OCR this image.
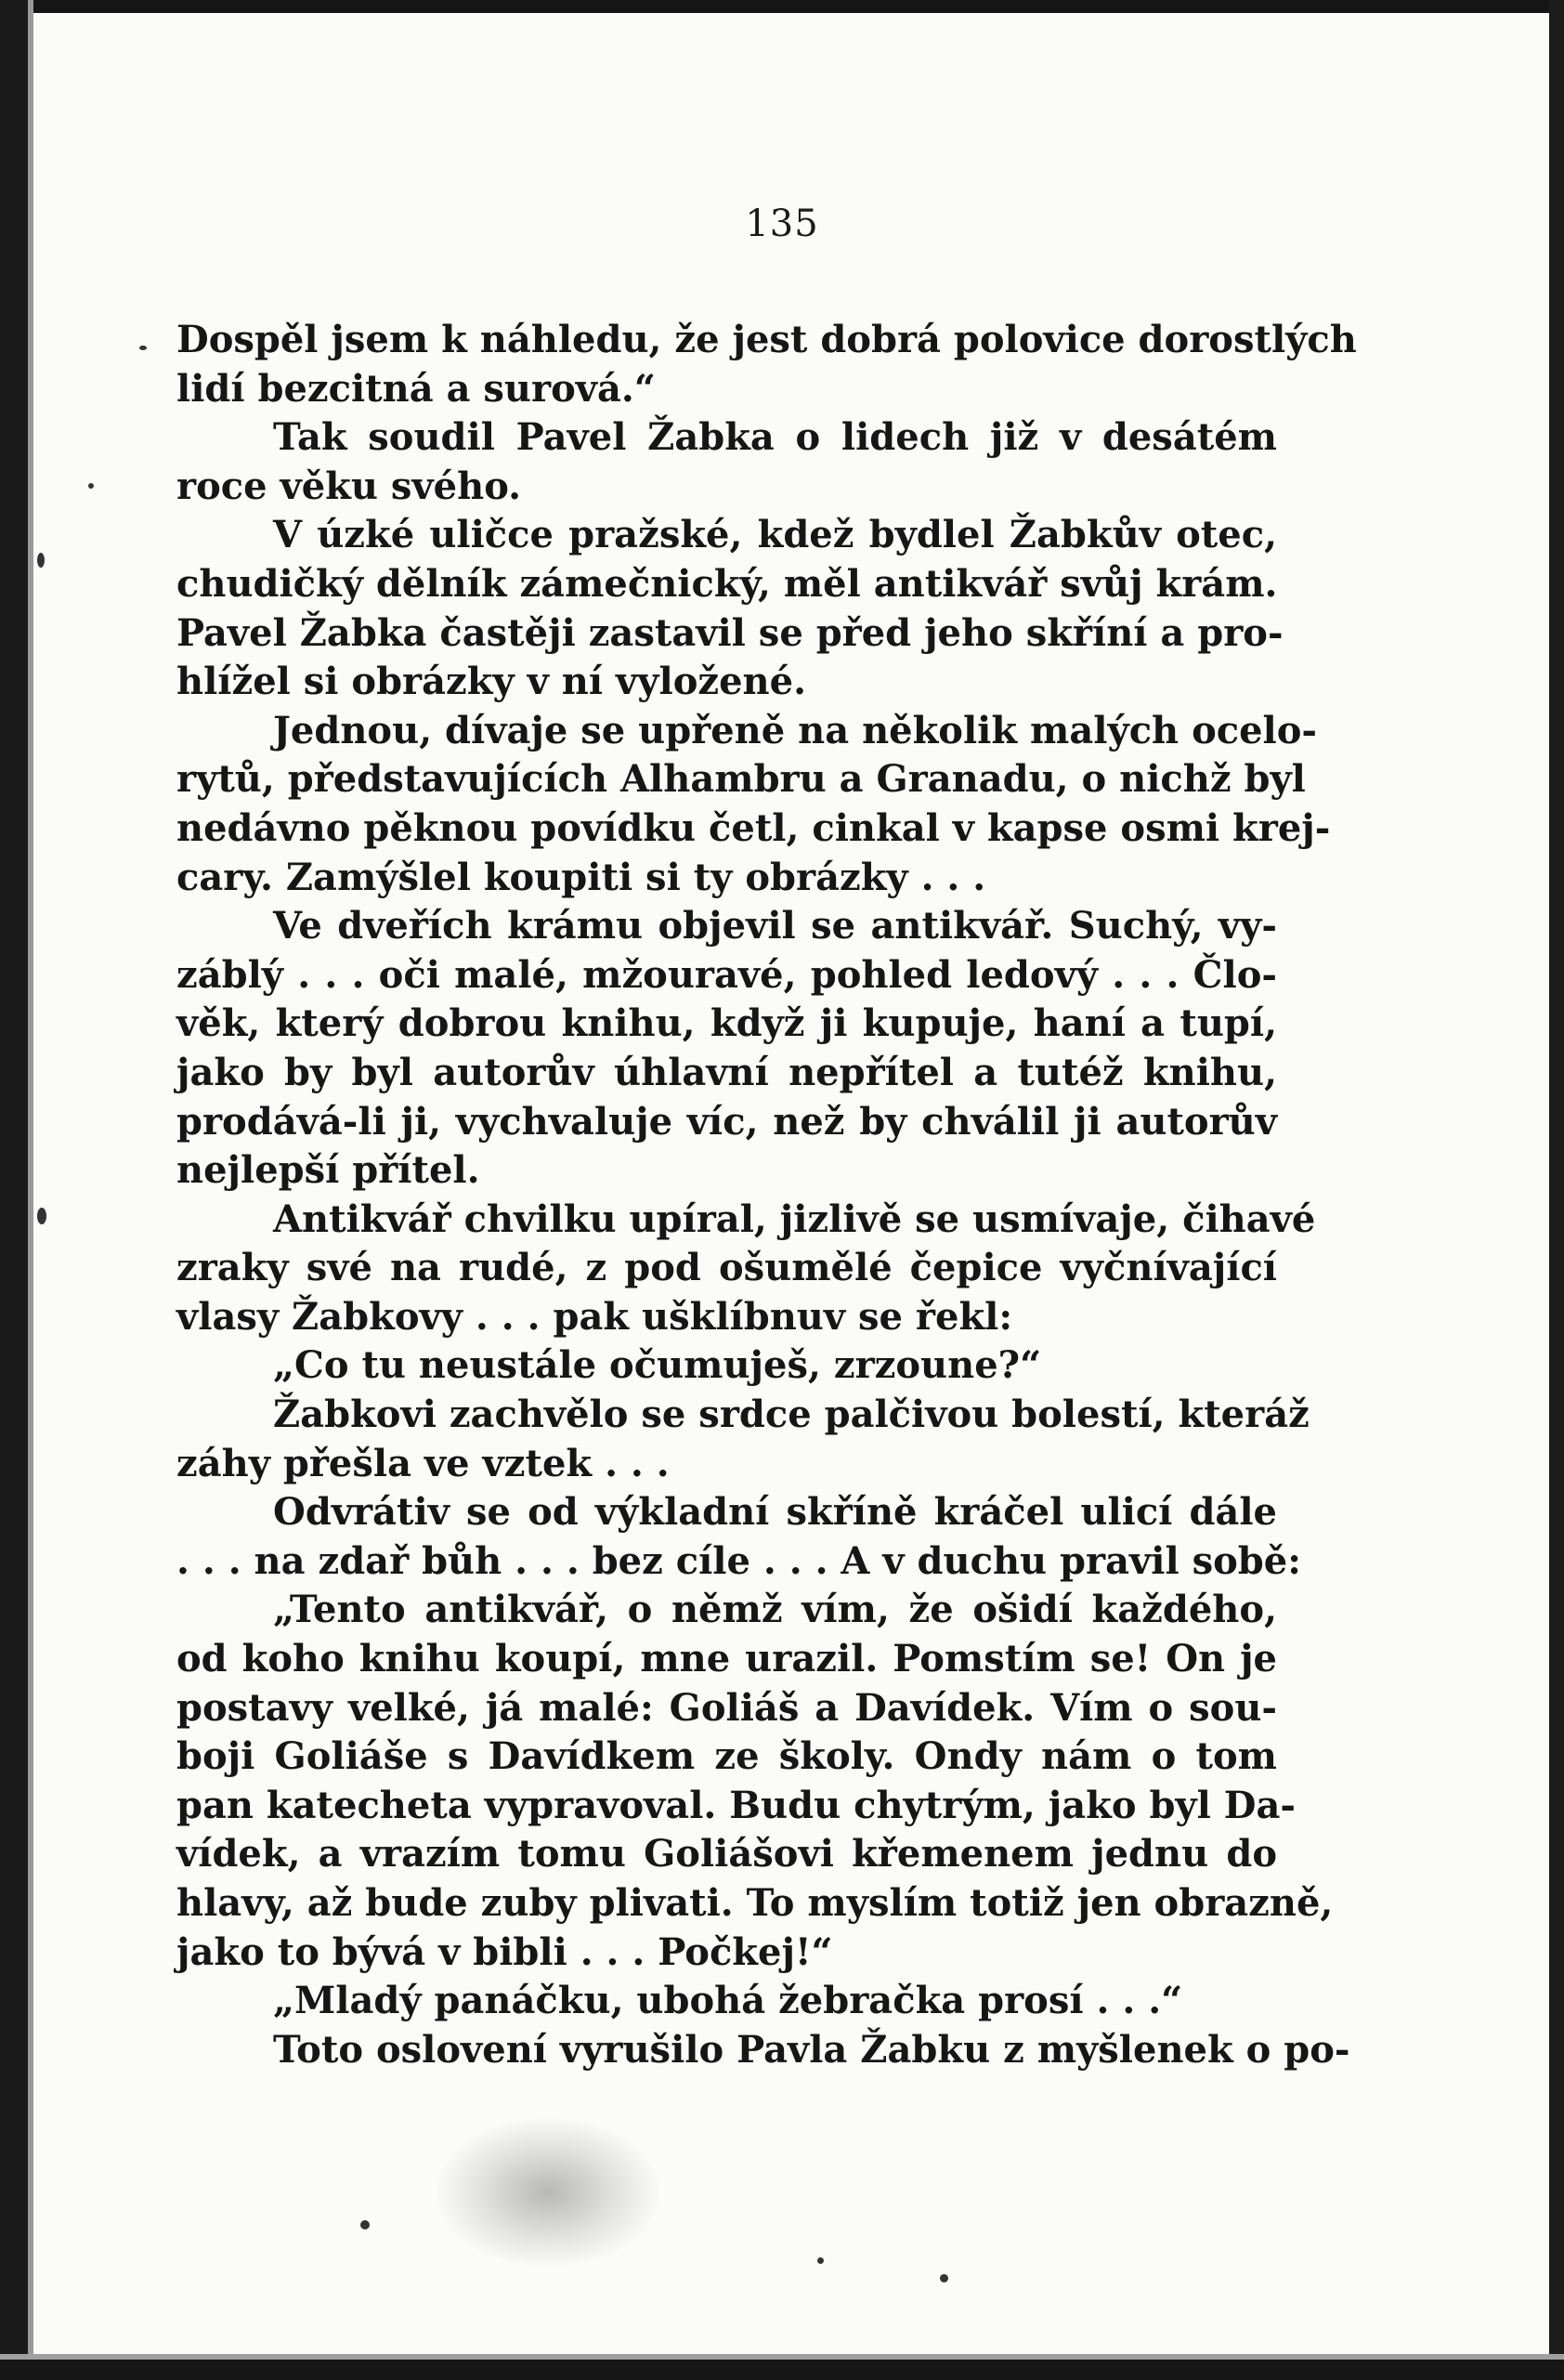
135
Dospěl jsem k náhledu, že jest dobrá polovice dorostlých
lidí bezcitná a surová.“
Tak soudil Pavel Žabka o lidech již v desátém
roce věku svého.
V úzké uličce pražské, kdež bydlel Žabkův otec,
chudičký dělník zámečnický, měl antikvář svůj krám.
Pavel Žabka častěji zastavil se před jeho skříní a pro-
hlížel si obrázky v ní vyložené.
Jednou, dívaje se upřeně na několik malých ocelo-
rytů, představujících Alhambru a Granadu, o nichž byl
nedávno pěknou povídku četl, cinkal v kapse osmi krej-
cary. Zamýšlel koupiti si ty obrázky . . .
Ve dveřích krámu objevil se antikvář. Suchý, vy-
záblý . . . oči malé, mžouravé, pohled ledový . . . Člo-
věk, který dobrou knihu, když ji kupuje, haní a tupí,
jako by byl autorův úhlavní nepřítel a tutéž knihu,
prodává-li ji, vychvaluje víc, než by chválil ji autorův
nejlepší přítel.
Antikvář chvilku upíral, jizlivě se usmívaje, čihavé
zraky své na rudé, z pod ošumělé čepice vyčnívající
vlasy Žabkovy . . . pak ušklíbnuv se řekl:
„Co tu neustále očumuješ, zrzoune?“
Žabkovi zachvělo se srdce palčivou bolestí, kteráž
záhy přešla ve vztek . . .
Odvrátiv se od výkladní skříně kráčel ulicí dále
. . . na zdař bůh . . . bez cíle . . . A v duchu pravil sobě:
„Tento antikvář, o němž vím, že ošidí každého,
od koho knihu koupí, mne urazil. Pomstím se! On je
postavy velké, já malé: Goliáš a Davídek. Vím o sou-
boji Goliáše s Davídkem ze školy. Ondy nám o tom
pan katecheta vypravoval. Budu chytrým, jako byl Da-
vídek, a vrazím tomu Goliášovi křemenem jednu do
hlavy, až bude zuby plivati. To myslím totiž jen obrazně,
jako to bývá v bibli . . . Počkej!“
„Mladý panáčku, ubohá žebračka prosí . . .“
Toto oslovení vyrušilo Pavla Žabku z myšlenek o po-
